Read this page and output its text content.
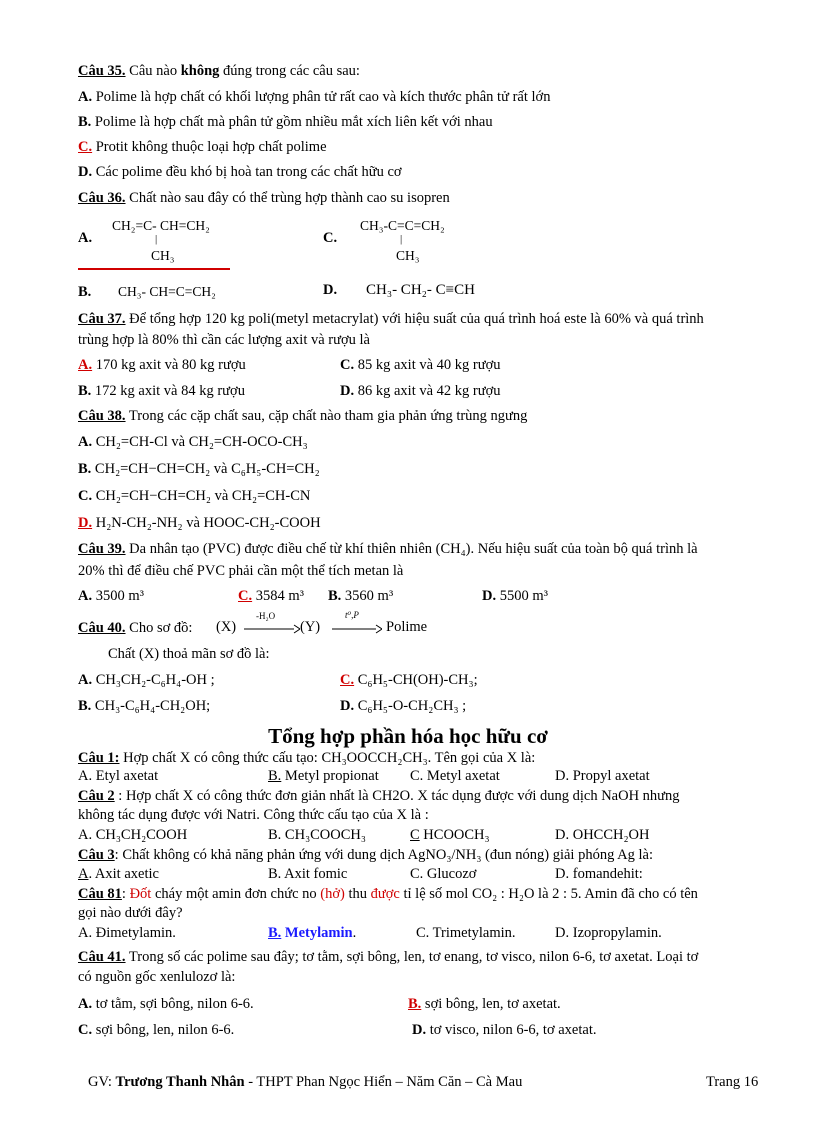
Câu 35. Câu nào không đúng trong các câu sau:
A. Polime là hợp chất có khối lượng phân tử rất cao và kích thước phân tử rất lớn
B. Polime là hợp chất mà phân tử gồm nhiều mắt xích liên kết với nhau
C. Protit không thuộc loại hợp chất polime
D. Các polime đều khó bị hoà tan trong các chất hữu cơ
Câu 36. Chất nào sau đây có thể trùng hợp thành cao su isopren
A.
CH₂=C- CH=CH₂
|
CH₃
C.
CH₃-C=C=CH₂
|
CH₃
B. CH₃- CH=C=CH₂	D. CH₃- CH₂- C≡CH
Câu 37. Để tổng hợp 120 kg poli(metyl metacrylat) với hiệu suất của quá trình hoá este là 60% và quá trình
trùng hợp là 80% thì cần các lượng axit và rượu là
A. 170 kg axit và 80 kg rượu	C. 85 kg axit và 40 kg rượu
B. 172 kg axit và 84 kg rượu	D. 86 kg axit và 42 kg rượu
Câu 38. Trong các cặp chất sau, cặp chất nào tham gia phản ứng trùng ngưng
A. CH₂=CH-Cl và CH₂=CH-OCO-CH₃
B. CH₂=CH−CH=CH₂ và C₆H₅-CH=CH₂
C. CH₂=CH−CH=CH₂ và CH₂=CH-CN
D. H₂N-CH₂-NH₂ và HOOC-CH₂-COOH
Câu 39. Da nhân tạo (PVC) được điều chế từ khí thiên nhiên (CH₄). Nếu hiệu suất của toàn bộ quá trình là
20% thì để điều chế PVC phải cần một thể tích metan là
A. 3500 m³	C. 3584 m³ B. 3560 m³	D. 5500 m³
Câu 40. Cho sơ đồ: (X)
-H₂O
→ (Y)
t⁰,P
→ Polime
Chất (X) thoả mãn sơ đồ là:
A. CH₃CH₂-C₆H₄-OH ;	C. C₆H₅-CH(OH)-CH₃;
B. CH₃-C₆H₄-CH₂OH;	D. C₆H₅-O-CH₂CH₃ ;
Tổng hợp phần hóa học hữu cơ
Câu 1: Hợp chất X có công thức cấu tạo: CH₃OOCCH₂CH₃. Tên gọi của X là:
A. Etyl axetat	B. Metyl propionat C. Metyl axetat	D. Propyl axetat
Câu 2 : Hợp chất X có công thức đơn giản nhất là CH2O. X tác dụng được với dung dịch NaOH nhưng
không tác dụng được với Natri. Công thức cấu tạo của X là :
A. CH₃CH₂COOH	B. CH₃COOCH₃	C HCOOCH₃	D. OHCCH₂OH
Câu 3: Chất không có khả năng phản ứng với dung dịch AgNO₃/NH₃ (đun nóng) giải phóng Ag là:
A. Axit axetic	B. Axit fomic	C. Glucozơ	D. fomandehit:
Câu 81: Đốt cháy một amin đơn chức no (hở) thu được tỉ lệ số mol CO₂ : H₂O là 2 : 5. Amin đã cho có tên
gọi nào dưới đây?
A. Đimetylamin.	B. Metylamin.	C. Trimetylamin.	D. Izopropylamin.
Câu 41. Trong số các polime sau đây; tơ tằm, sợi bông, len, tơ enang, tơ visco, nilon 6-6, tơ axetat. Loại tơ
có nguồn gốc xenlulozơ là:
A. tơ tằm, sợi bông, nilon 6-6.	B. sợi bông, len, tơ axetat.
C. sợi bông, len, nilon 6-6.	D. tơ visco, nilon 6-6, tơ axetat.
GV: Trương Thanh Nhân - THPT Phan Ngọc Hiển – Năm Căn – Cà Mau	Trang 16
